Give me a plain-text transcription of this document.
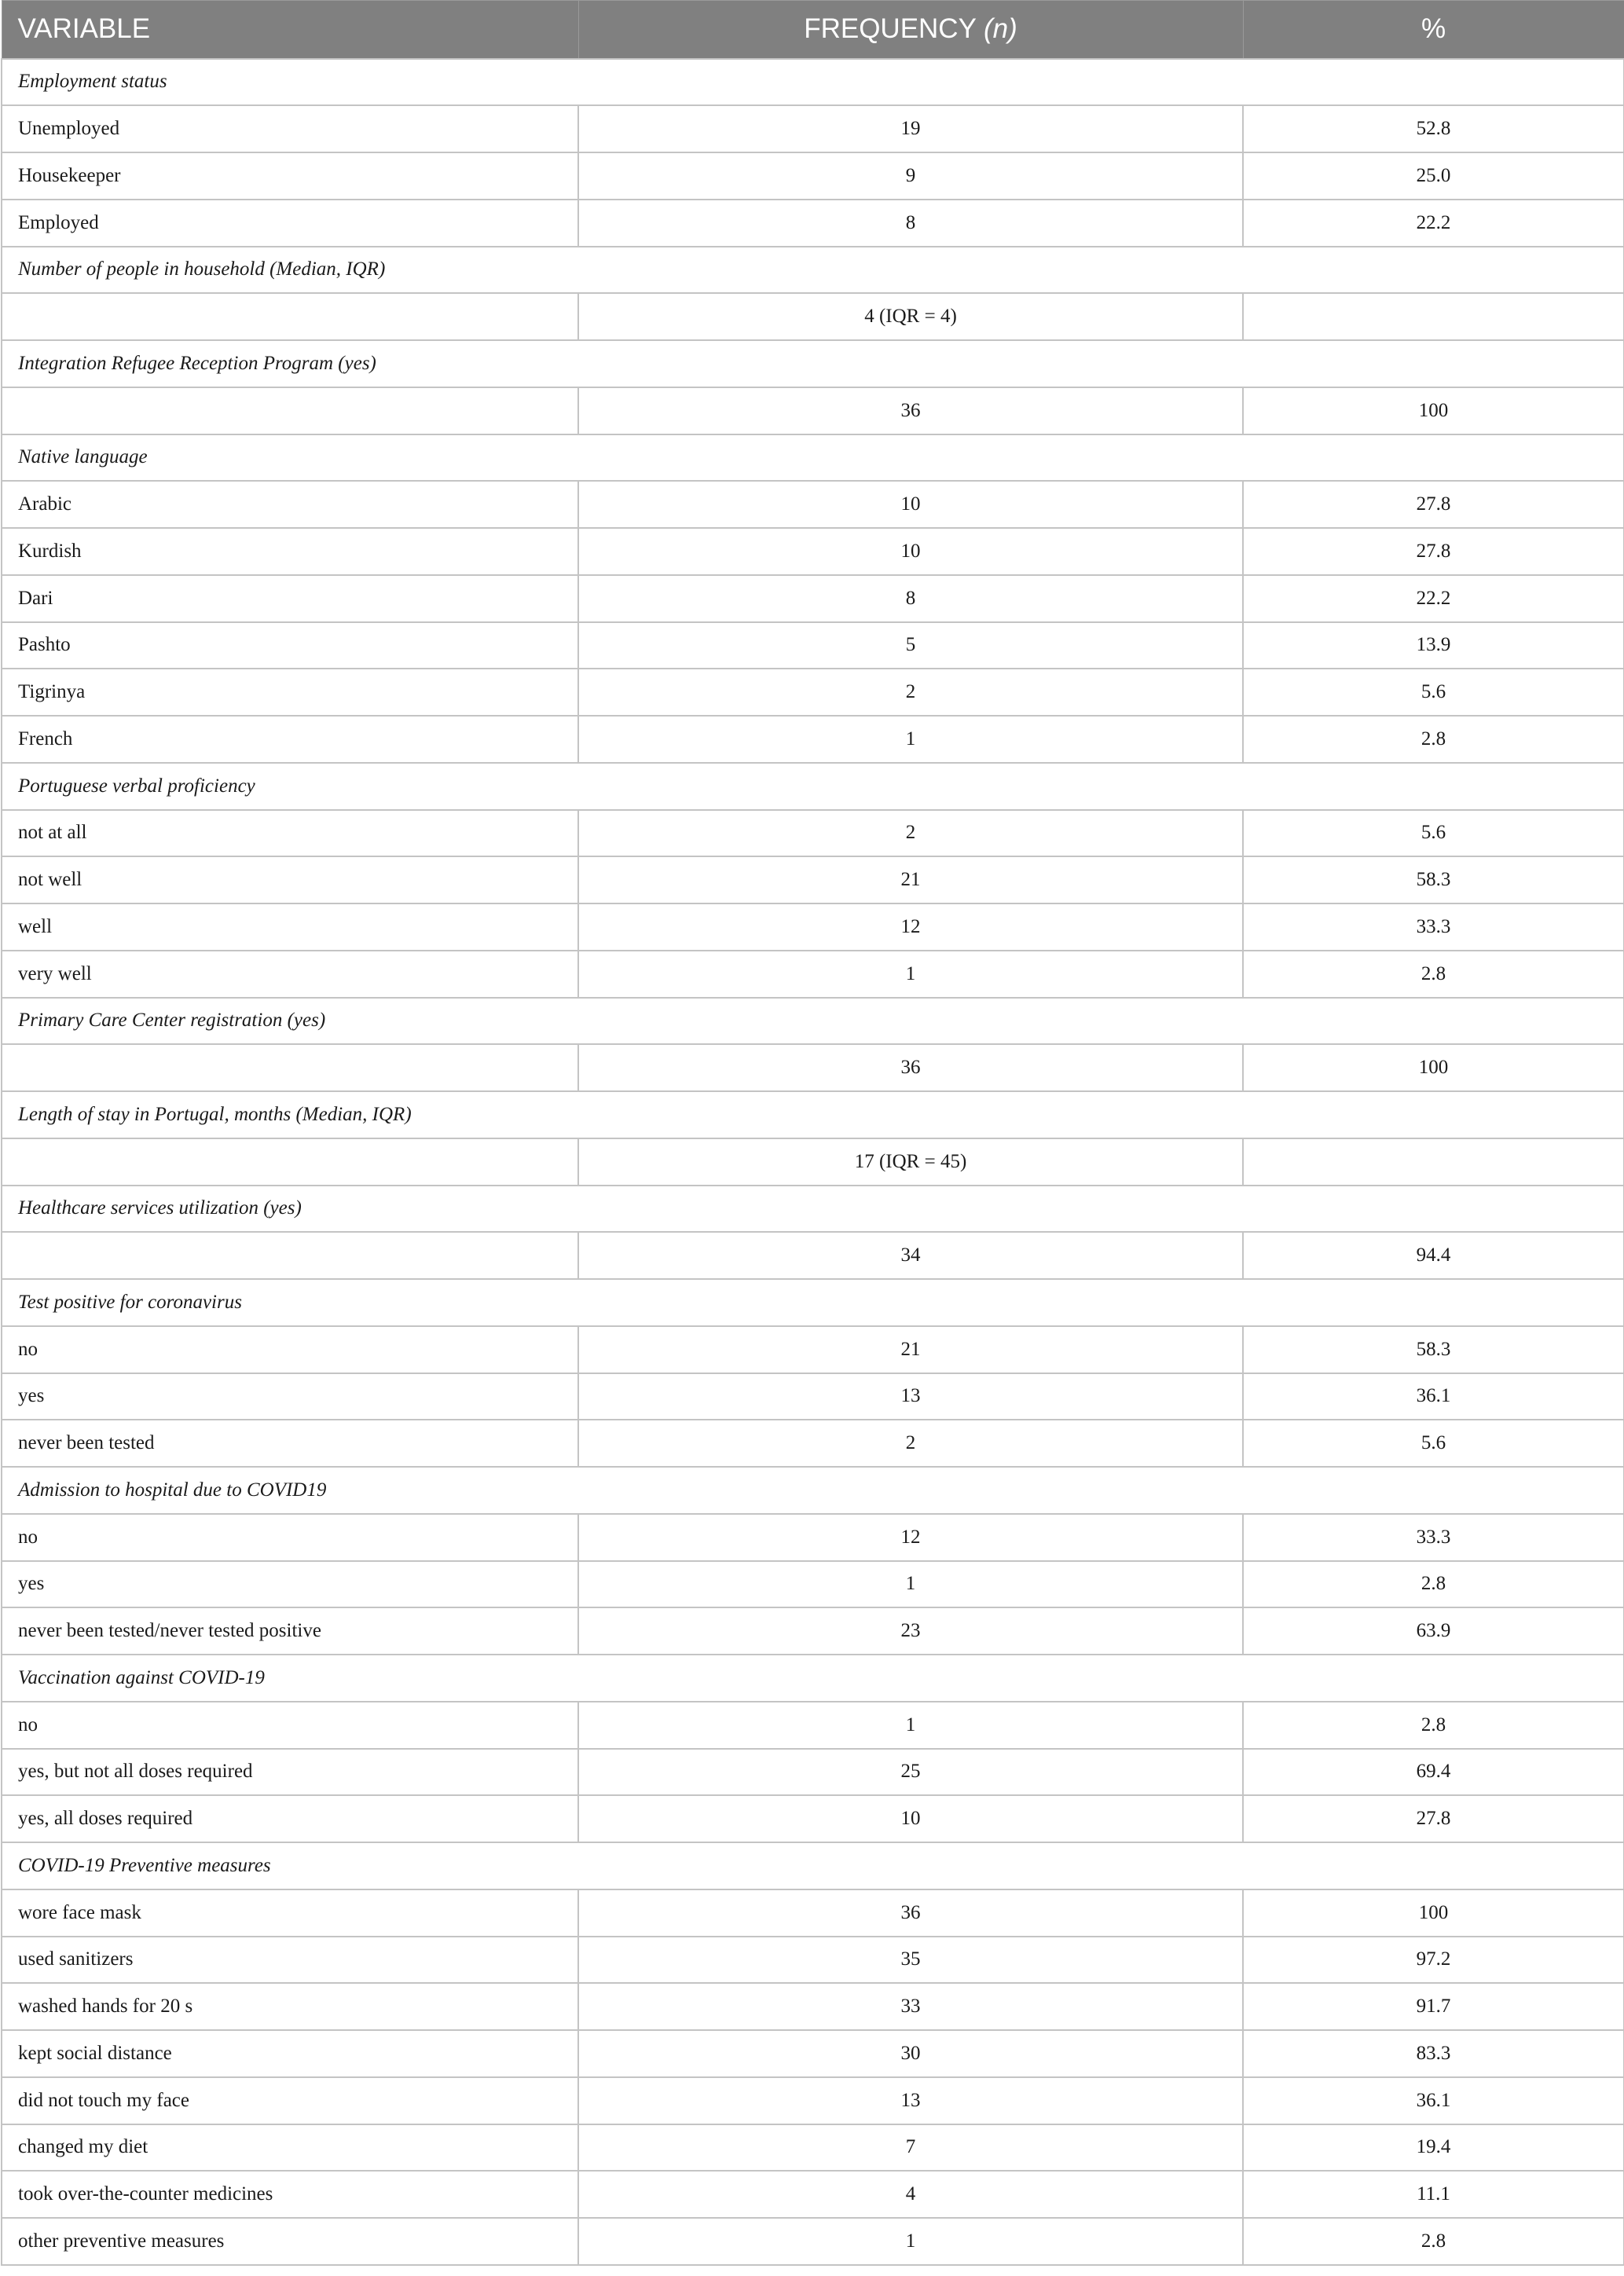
VARIABLE	FREQUENCY (n)	%
Employment status		
Unemployed	19	52.8
Housekeeper	9	25.0
Employed	8	22.2
Number of people in household (Median, IQR)		
	4 (IQR = 4)	
Integration Refugee Reception Program (yes)		
	36	100
Native language		
Arabic	10	27.8
Kurdish	10	27.8
Dari	8	22.2
Pashto	5	13.9
Tigrinya	2	5.6
French	1	2.8
Portuguese verbal proficiency		
not at all	2	5.6
not well	21	58.3
well	12	33.3
very well	1	2.8
Primary Care Center registration (yes)		
	36	100
Length of stay in Portugal, months (Median, IQR)		
	17 (IQR = 45)	
Healthcare services utilization (yes)		
	34	94.4
Test positive for coronavirus		
no	21	58.3
yes	13	36.1
never been tested	2	5.6
Admission to hospital due to COVID19		
no	12	33.3
yes	1	2.8
never been tested/never tested positive	23	63.9
Vaccination against COVID-19		
no	1	2.8
yes, but not all doses required	25	69.4
yes, all doses required	10	27.8
COVID-19 Preventive measures		
wore face mask	36	100
used sanitizers	35	97.2
washed hands for 20 s	33	91.7
kept social distance	30	83.3
did not touch my face	13	36.1
changed my diet	7	19.4
took over-the-counter medicines	4	11.1
other preventive measures	1	2.8
